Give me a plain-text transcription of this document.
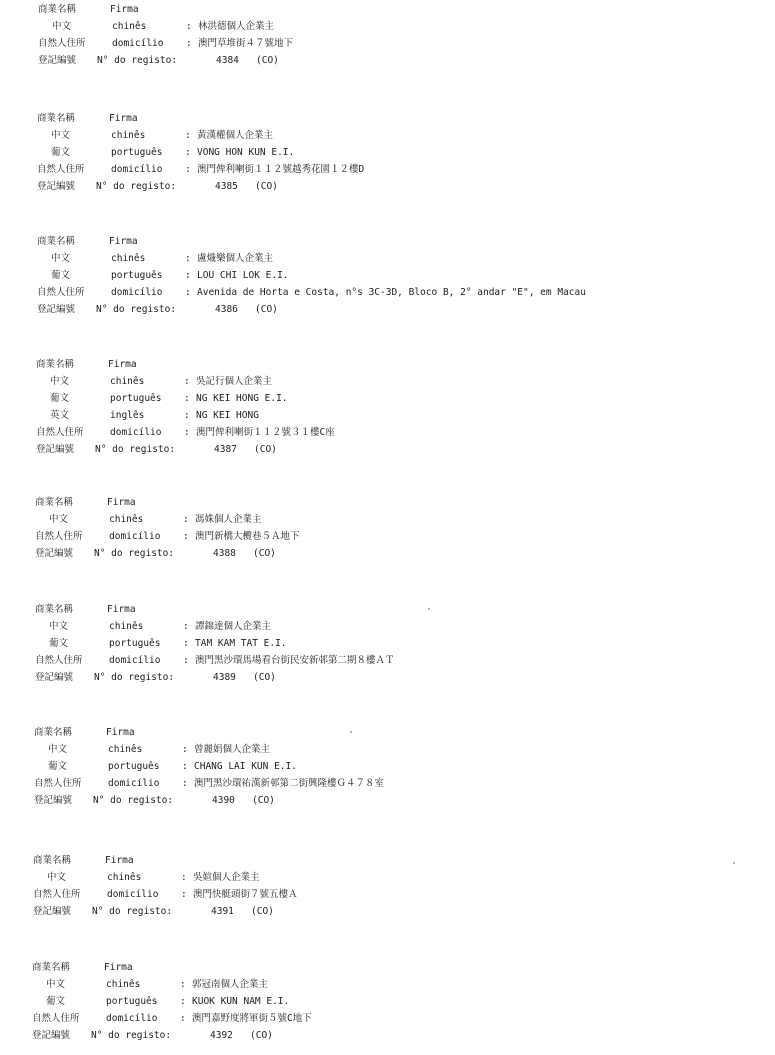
商業名稱	Firma
中文	chinês	: 林洪德個人企業主
自然人住所	domicílio : 澳門草堆街４７號地下
登記編號 N° do registo:	4384 (CO)
商業名稱	Firma
中文	chinês	: 黃漢權個人企業主
葡文	português : VONG HON KUN E.I.
自然人住所	domicílio : 澳門俾利喇街１１２號越秀花園１２樓D
登記編號 N° do registo:	4385 (CO)
商業名稱	Firma
中文	chinês	: 盧熾樂個人企業主
葡文	português : LOU CHI LOK E.I.
自然人住所	domicílio : Avenida de Horta e Costa, n°s 3C-3D, Bloco B, 2° andar "E", em Macau
登記編號 N° do registo:	4386 (CO)
商業名稱	Firma
中文	chinês	: 吳記行個人企業主
葡文	português : NG KEI HONG E.I.
英文	inglês	: NG KEI HONG
自然人住所	domicílio : 澳門俾利喇街１１２號３１樓C座
登記編號 N° do registo:	4387 (CO)
商業名稱	Firma
中文	chinês	: 馮姝個人企業主
自然人住所	domicílio : 澳門新橋大欖巷５Ａ地下
登記編號 N° do registo:	4388 (CO)
商業名稱	Firma
中文	chinês	: 譚錦達個人企業主
葡文	português : TAM KAM TAT E.I.
自然人住所	domicílio : 澳門黑沙環馬場看台街民安新邨第二期８樓ＡＴ
登記編號 N° do registo:	4389 (CO)
商業名稱	Firma
中文	chinês	: 曾麗娟個人企業主
葡文	português : CHANG LAI KUN E.I.
自然人住所	domicílio : 澳門黑沙環祐漢新邨第二街興隆樓Ｇ４７８室
登記編號 N° do registo:	4390 (CO)
商業名稱	Firma
中文	chinês	: 吳媗個人企業主
自然人住所	domicílio : 澳門快艇頭街７號五樓Ａ
登記編號 N° do registo:	4391 (CO)
商業名稱	Firma
中文	chinês	: 郭冠南個人企業主
葡文	português : KUOK KUN NAM E.I.
自然人住所	domicílio : 澳門嘉野度將軍街５號C地下
登記編號 N° do registo:	4392 (CO)
